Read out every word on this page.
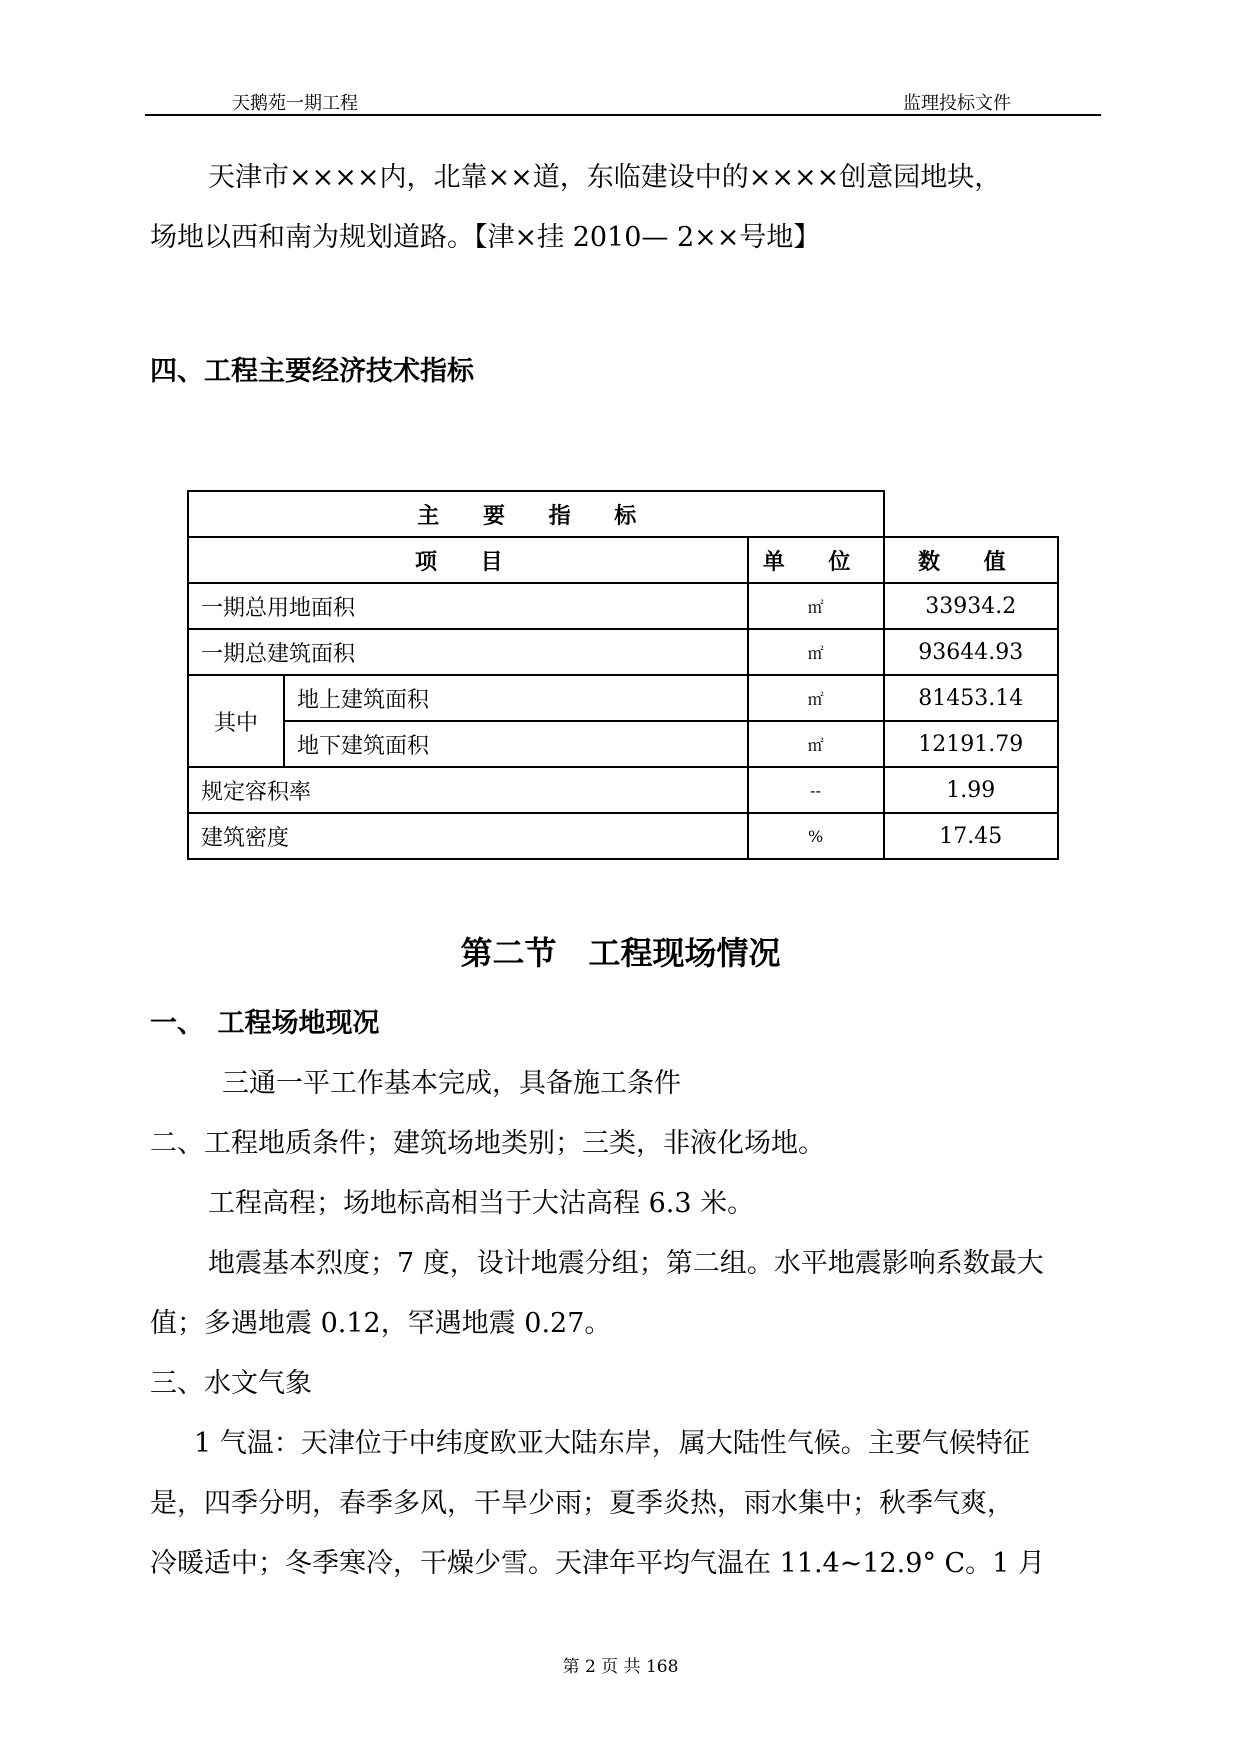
天鹅苑一期工程	监理投标文件

天津市××××内，北靠××道，东临建设中的××××创意园地块，

场地以西和南为规划道路。【津×挂 2010— 2××号地】

四、工程主要经济技术指标

主 要 指 标			
项 目		单 位	数 值
一期总用地面积		㎡	33934.2
一期总建筑面积		㎡	93644.93
其中	地上建筑面积	㎡	81453.14
	地下建筑面积	㎡	12191.79
规定容积率		--	1.99
建筑密度		%	17.45
第二节　工程现场情况

一、　工程场地现况

三通一平工作基本完成，具备施工条件

二、工程地质条件；建筑场地类别；三类，非液化场地。

工程高程；场地标高相当于大沽高程 6.3 米。

地震基本烈度；7 度，设计地震分组；第二组。水平地震影响系数最大

值；多遇地震 0.12，罕遇地震 0.27。

三、水文气象

1 气温：天津位于中纬度欧亚大陆东岸，属大陆性气候。主要气候特征

是，四季分明，春季多风，干旱少雨；夏季炎热，雨水集中；秋季气爽，

冷暖适中；冬季寒冷，干燥少雪。天津年平均气温在 11.4~12.9° C。1 月

第 2 页 共 168
